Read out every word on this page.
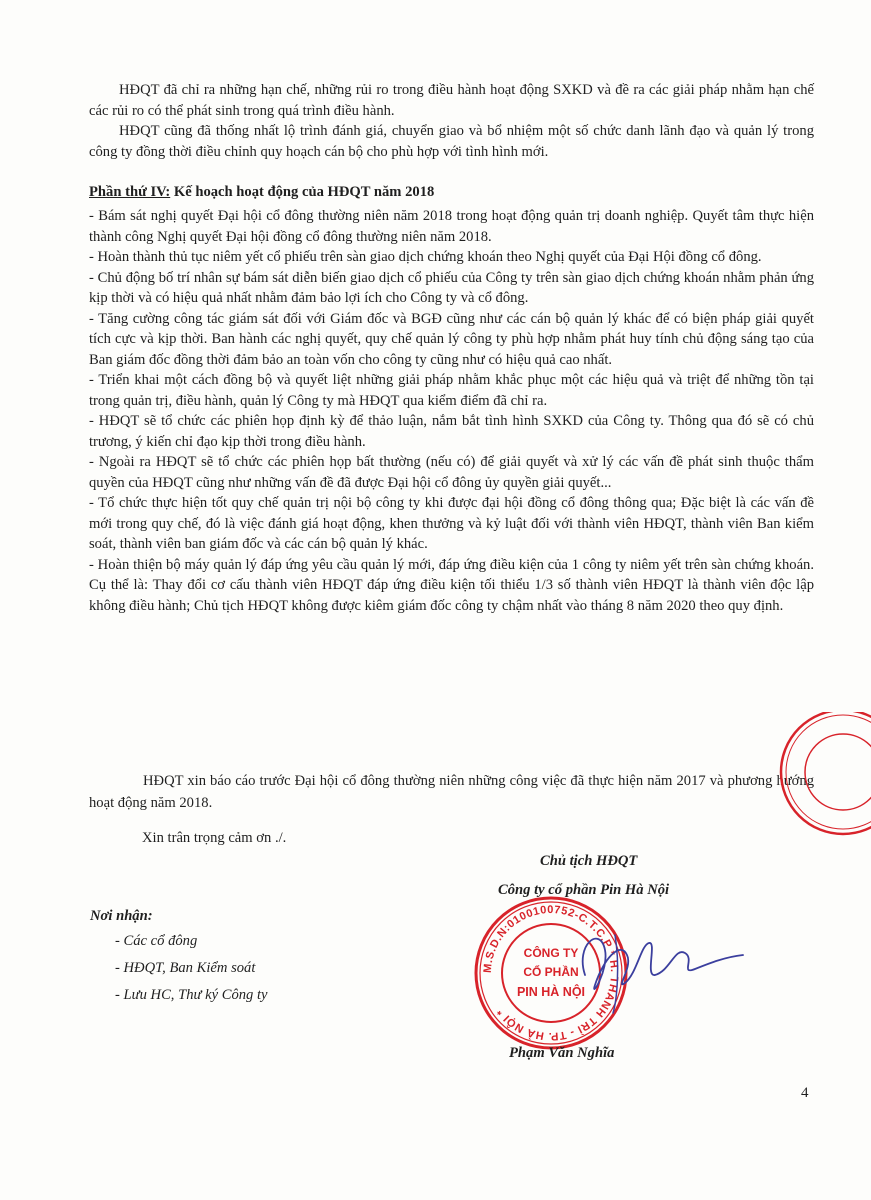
HĐQT đã chỉ ra những hạn chế, những rủi ro trong điều hành hoạt động SXKD và đề ra các giải pháp nhằm hạn chế các rủi ro có thể phát sinh trong quá trình điều hành.

HĐQT cũng đã thống nhất lộ trình đánh giá, chuyển giao và bổ nhiệm một số chức danh lãnh đạo và quản lý trong công ty đồng thời điều chỉnh quy hoạch cán bộ cho phù hợp với tình hình mới.

Phần thứ IV: Kế hoạch hoạt động của HĐQT năm 2018

- Bám sát nghị quyết Đại hội cổ đông thường niên năm 2018 trong hoạt động quản trị doanh nghiệp. Quyết tâm thực hiện thành công Nghị quyết Đại hội đồng cổ đông thường niên năm 2018.

- Hoàn thành thủ tục niêm yết cổ phiếu trên sàn giao dịch chứng khoán theo Nghị quyết của Đại Hội đồng cổ đông.

- Chủ động bố trí nhân sự bám sát diễn biến giao dịch cổ phiếu của Công ty trên sàn giao dịch chứng khoán nhằm phản ứng kịp thời và có hiệu quả nhất nhằm đảm bảo lợi ích cho Công ty và cổ đông.

- Tăng cường công tác giám sát đối với Giám đốc và BGĐ cũng như các cán bộ quản lý khác để có biện pháp giải quyết tích cực và kịp thời. Ban hành các nghị quyết, quy chế quản lý công ty phù hợp nhằm phát huy tính chủ động sáng tạo của Ban giám đốc đồng thời đảm bảo an toàn vốn cho công ty cũng như có hiệu quả cao nhất.

- Triển khai một cách đồng bộ và quyết liệt những giải pháp nhằm khắc phục một các hiệu quả và triệt để những tồn tại trong quản trị, điều hành, quản lý Công ty mà HĐQT qua kiểm điểm đã chỉ ra.

- HĐQT sẽ tổ chức các phiên họp định kỳ để thảo luận, nắm bắt tình hình SXKD của Công ty. Thông qua đó sẽ có chủ trương, ý kiến chỉ đạo kịp thời trong điều hành.

- Ngoài ra HĐQT sẽ tổ chức các phiên họp bất thường (nếu có) để giải quyết và xử lý các vấn đề phát sinh thuộc thẩm quyền của HĐQT cũng như những vấn đề đã được Đại hội cổ đông ủy quyền giải quyết...

- Tổ chức thực hiện tốt quy chế quản trị nội bộ công ty khi được đại hội đồng cổ đông thông qua; Đặc biệt là các vấn đề mới trong quy chế, đó là việc đánh giá hoạt động, khen thưởng và kỷ luật đối với thành viên HĐQT, thành viên Ban kiểm soát, thành viên ban giám đốc và các cán bộ quản lý khác.

- Hoàn thiện bộ máy quản lý đáp ứng yêu cầu quản lý mới, đáp ứng điều kiện của 1 công ty niêm yết trên sàn chứng khoán. Cụ thể là: Thay đổi cơ cấu thành viên HĐQT đáp ứng điều kiện tối thiểu 1/3 số thành viên HĐQT là thành viên độc lập không điều hành; Chủ tịch HĐQT không được kiêm giám đốc công ty chậm nhất vào tháng 8 năm 2020 theo quy định.

HĐQT xin báo cáo trước Đại hội cổ đông thường niên những công việc đã thực hiện năm 2017 và phương hướng hoạt động năm 2018.

Xin trân trọng cảm ơn ./.
Chủ tịch HĐQT
Công ty cổ phần Pin Hà Nội
Nơi nhận:
- Các cổ đông
- HĐQT, Ban Kiểm soát
- Lưu HC, Thư ký Công ty
M.S.D.N:0100100752-C.T.C.P * H. THANH TRÌ - TP. HÀ NỘI *
CÔNG TY
CỔ PHẦN
PIN HÀ NỘI
Phạm Văn Nghĩa
4
